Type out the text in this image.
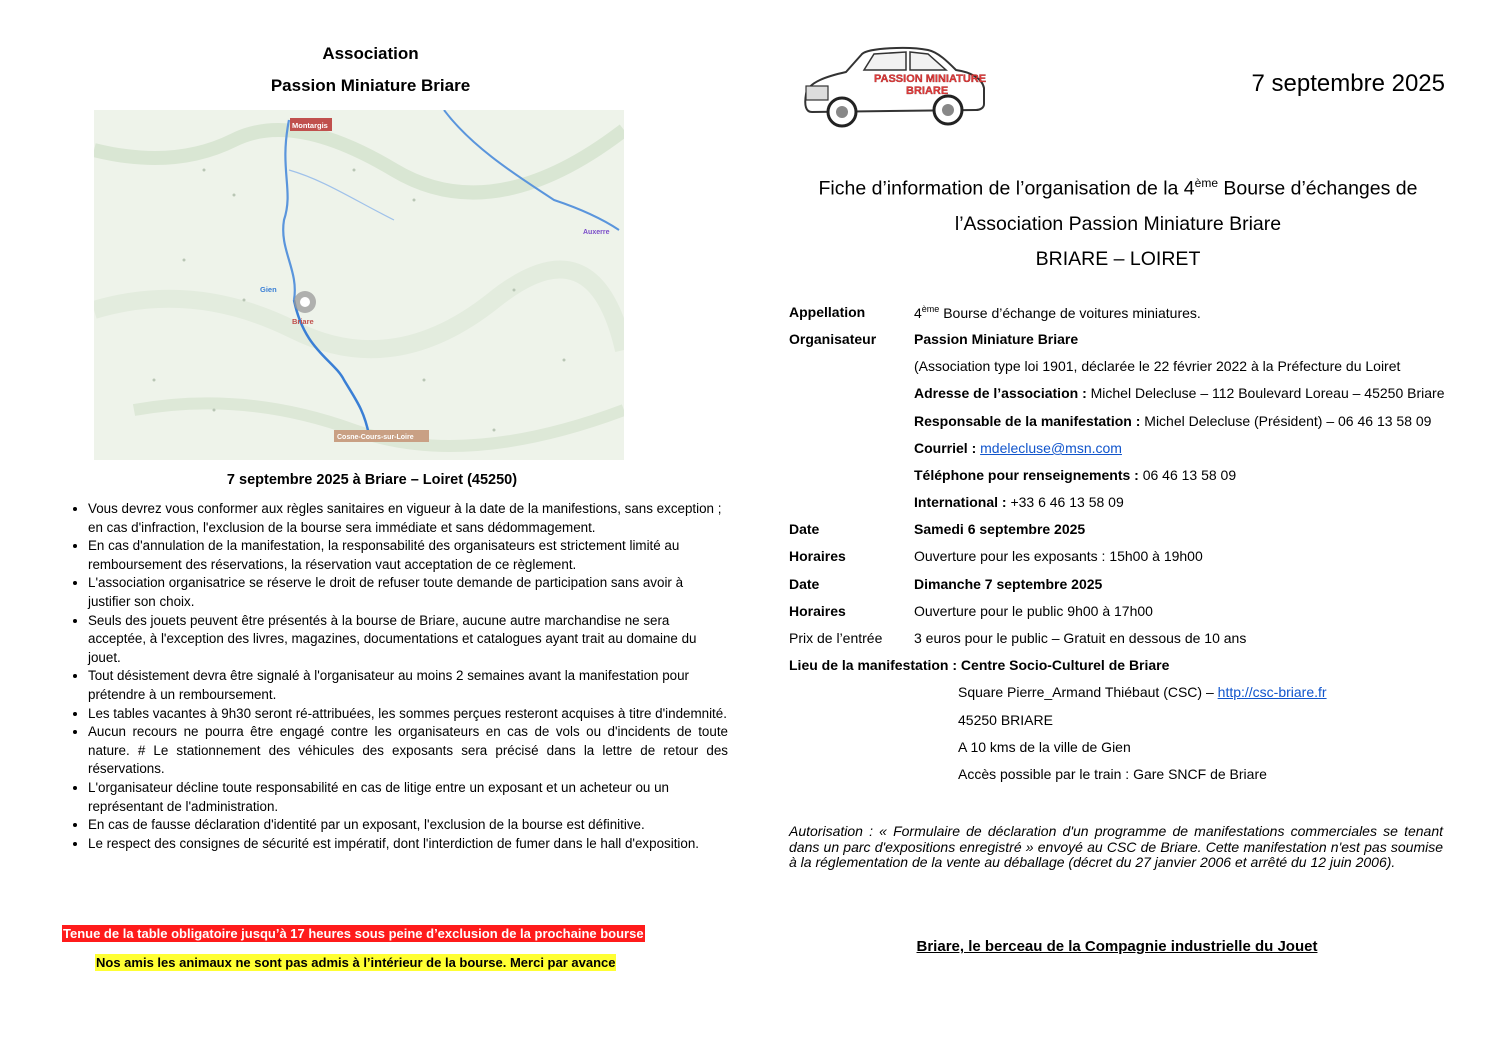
Association
Passion Miniature Briare
Montargis
Gien
Briare
Auxerre
Cosne-Cours-sur-Loire
7 septembre 2025 à Briare – Loiret (45250)
• Vous devrez vous conformer aux règles sanitaires en vigueur à la date de la manifestions, sans exception ; en cas d'infraction, l'exclusion de la bourse sera immédiate et sans dédommagement.
• En cas d'annulation de la manifestation, la responsabilité des organisateurs est strictement limité au remboursement des réservations, la réservation vaut acceptation de ce règlement.
• L'association organisatrice se réserve le droit de refuser toute demande de participation sans avoir à justifier son choix.
• Seuls des jouets peuvent être présentés à la bourse de Briare, aucune autre marchandise ne sera acceptée, à l'exception des livres, magazines, documentations et catalogues ayant trait au domaine du jouet.
• Tout désistement devra être signalé à l'organisateur au moins 2 semaines avant la manifestation pour prétendre à un remboursement.
• Les tables vacantes à 9h30 seront ré-attribuées, les sommes perçues resteront acquises à titre d'indemnité.
• Aucun recours ne pourra être engagé contre les organisateurs en cas de vols ou d'incidents de toute nature. # Le stationnement des véhicules des exposants sera précisé dans la lettre de retour des réservations.
• L'organisateur décline toute responsabilité en cas de litige entre un exposant et un acheteur ou un représentant de l'administration.
• En cas de fausse déclaration d'identité par un exposant, l'exclusion de la bourse est définitive.
• Le respect des consignes de sécurité est impératif, dont l'interdiction de fumer dans le hall d'exposition.
Tenue de la table obligatoire jusqu’à 17 heures sous peine d’exclusion de la prochaine bourse
Nos amis les animaux ne sont pas admis à l’intérieur de la bourse. Merci par avance
PASSION MINIATURE
BRIARE	7 septembre 2025
Fiche d’information de l’organisation de la 4ème Bourse d’échanges de
l’Association Passion Miniature Briare
BRIARE – LOIRET
Appellation	4ème Bourse d’échange de voitures miniatures.
Organisateur	Passion Miniature Briare
(Association type loi 1901, déclarée le 22 février 2022 à la Préfecture du Loiret
Adresse de l’association : Michel Delecluse – 112 Boulevard Loreau – 45250 Briare
Responsable de la manifestation : Michel Delecluse (Président) – 06 46 13 58 09
Courriel : mdelecluse@msn.com
Téléphone pour renseignements : 06 46 13 58 09
International : +33 6 46 13 58 09
Date	Samedi 6 septembre 2025
Horaires	Ouverture pour les exposants : 15h00 à 19h00
Date	Dimanche 7 septembre 2025
Horaires	Ouverture pour le public 9h00 à 17h00
Prix de l’entrée 3 euros pour le public – Gratuit en dessous de 10 ans
Lieu de la manifestation : Centre Socio-Culturel de Briare
Square Pierre_Armand Thiébaut (CSC) – http://csc-briare.fr
45250 BRIARE
A 10 kms de la ville de Gien
Accès possible par le train : Gare SNCF de Briare
Autorisation : « Formulaire de déclaration d'un programme de manifestations commerciales se tenant dans un parc d'expositions enregistré » envoyé au CSC de Briare. Cette manifestation n'est pas soumise à la réglementation de la vente au déballage (décret du 27 janvier 2006 et arrêté du 12 juin 2006).
Briare, le berceau de la Compagnie industrielle du Jouet
